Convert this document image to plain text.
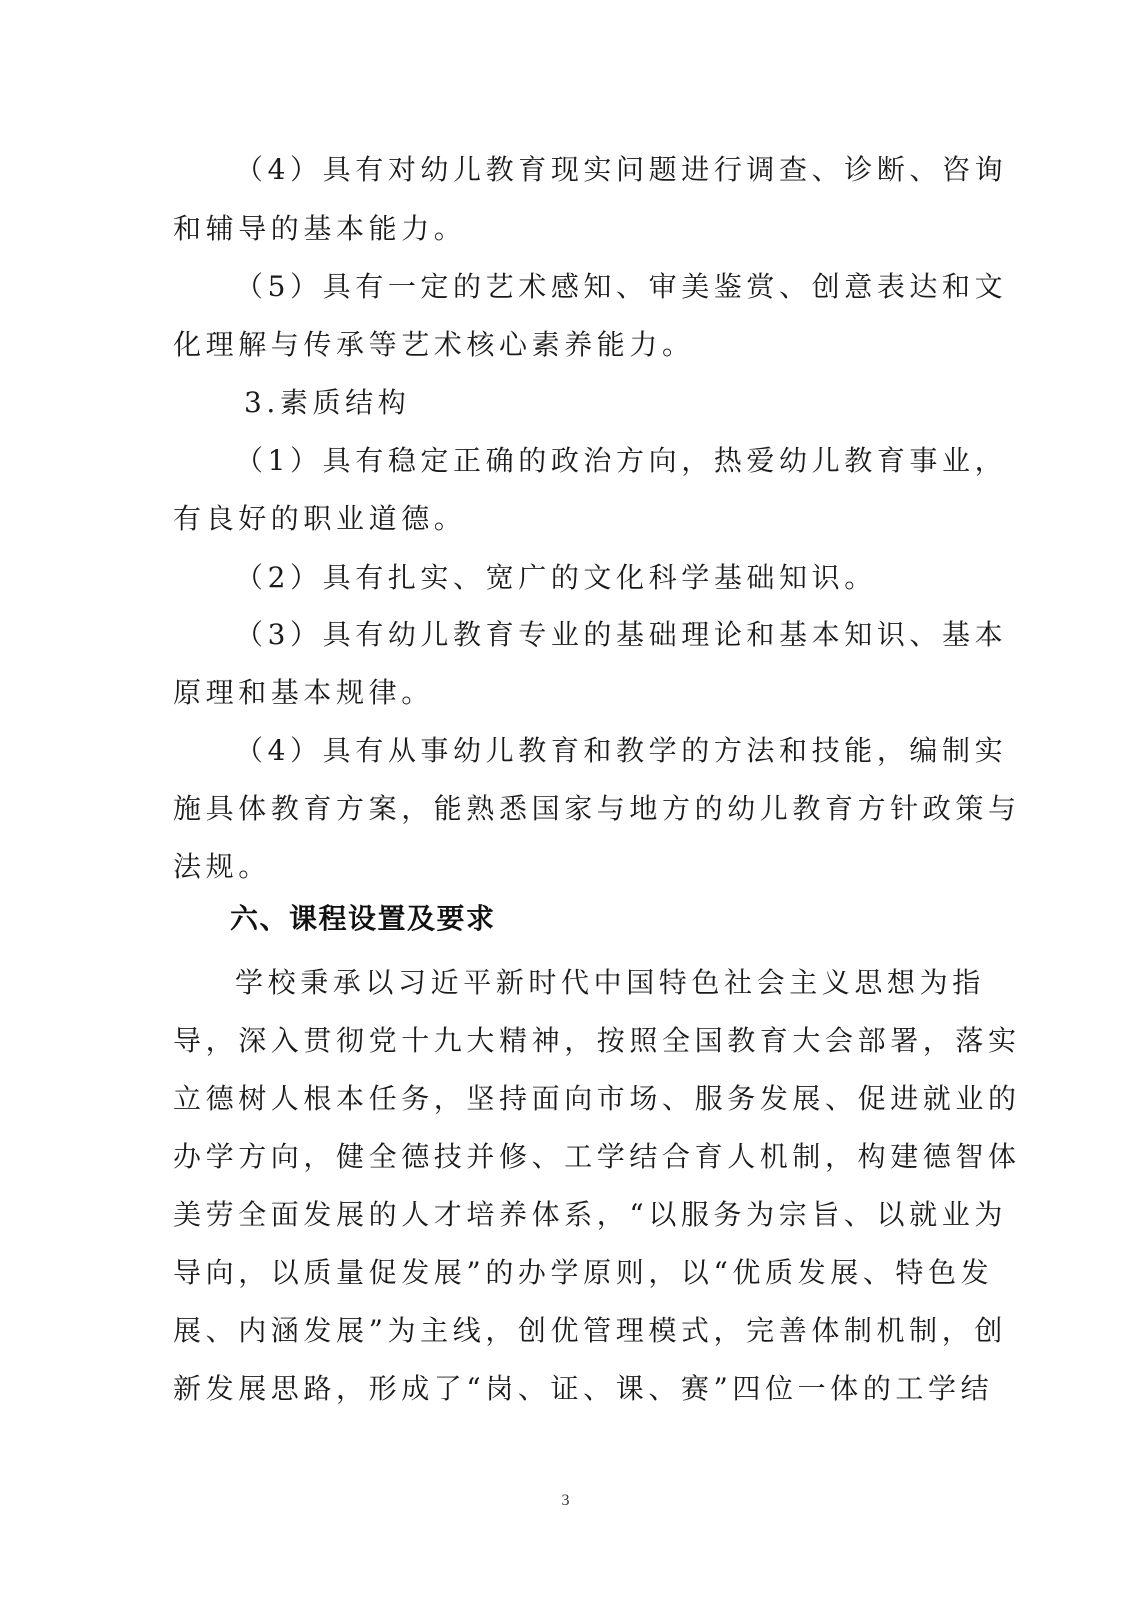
（4）具有对幼儿教育现实问题进行调查、诊断、咨询
和辅导的基本能力。
（5）具有一定的艺术感知、审美鉴赏、创意表达和文
化理解与传承等艺术核心素养能力。
3.素质结构
（1）具有稳定正确的政治方向，热爱幼儿教育事业，
有良好的职业道德。
（2）具有扎实、宽广的文化科学基础知识。
（3）具有幼儿教育专业的基础理论和基本知识、基本
原理和基本规律。
（4）具有从事幼儿教育和教学的方法和技能，编制实
施具体教育方案，能熟悉国家与地方的幼儿教育方针政策与
法规。
六、课程设置及要求
学校秉承以习近平新时代中国特色社会主义思想为指
导，深入贯彻党十九大精神，按照全国教育大会部署，落实
立德树人根本任务，坚持面向市场、服务发展、促进就业的
办学方向，健全德技并修、工学结合育人机制，构建德智体
美劳全面发展的人才培养体系，“以服务为宗旨、以就业为
导向，以质量促发展”的办学原则，以“优质发展、特色发
展、内涵发展”为主线，创优管理模式，完善体制机制，创
新发展思路，形成了“岗、证、课、赛”四位一体的工学结
3
